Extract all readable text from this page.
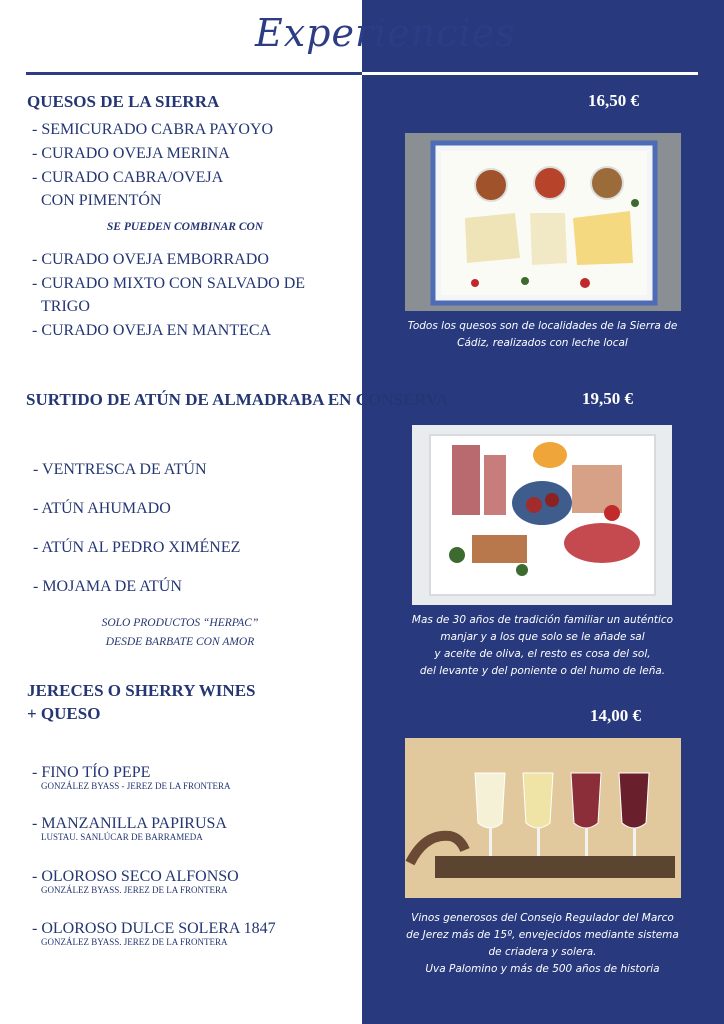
Experiencies
QUESOS DE LA SIERRA	16,50 €
- SEMICURADO CABRA PAYOYO
- CURADO OVEJA MERINA
- CURADO CABRA/OVEJA
CON PIMENTÓN
SE PUEDEN COMBINAR CON
- CURADO OVEJA EMBORRADO
- CURADO MIXTO CON SALVADO DE
TRIGO
- CURADO OVEJA EN MANTECA	Todos los quesos son de localidades de la Sierra de
Cádiz, realizados con leche local
SURTIDO DE ATÚN DE ALMADRABA EN CONSERVA	19,50 €
- VENTRESCA DE ATÚN
- ATÚN AHUMADO
- ATÚN AL PEDRO XIMÉNEZ
- MOJAMA DE ATÚN
SOLO PRODUCTOS “HERPAC”
DESDE BARBATE CON AMOR
Mas de 30 años de tradición familiar un auténtico
manjar y a los que solo se le añade sal
y aceite de oliva, el resto es cosa del sol,
del levante y del poniente o del humo de leña.
JERECES O SHERRY WINES
+ QUESO	14,00 €
- FINO TÍO PEPE
GONZÁLEZ BYASS - JEREZ DE LA FRONTERA
- MANZANILLA PAPIRUSA
LUSTAU. SANLÚCAR DE BARRAMEDA
- OLOROSO SECO ALFONSO
GONZÁLEZ BYASS. JEREZ DE LA FRONTERA
- OLOROSO DULCE SOLERA 1847
GONZÁLEZ BYASS. JEREZ DE LA FRONTERA
Vinos generosos del Consejo Regulador del Marco
de Jerez más de 15º, envejecidos mediante sistema
de criadera y solera.
Uva Palomino y más de 500 años de historia
